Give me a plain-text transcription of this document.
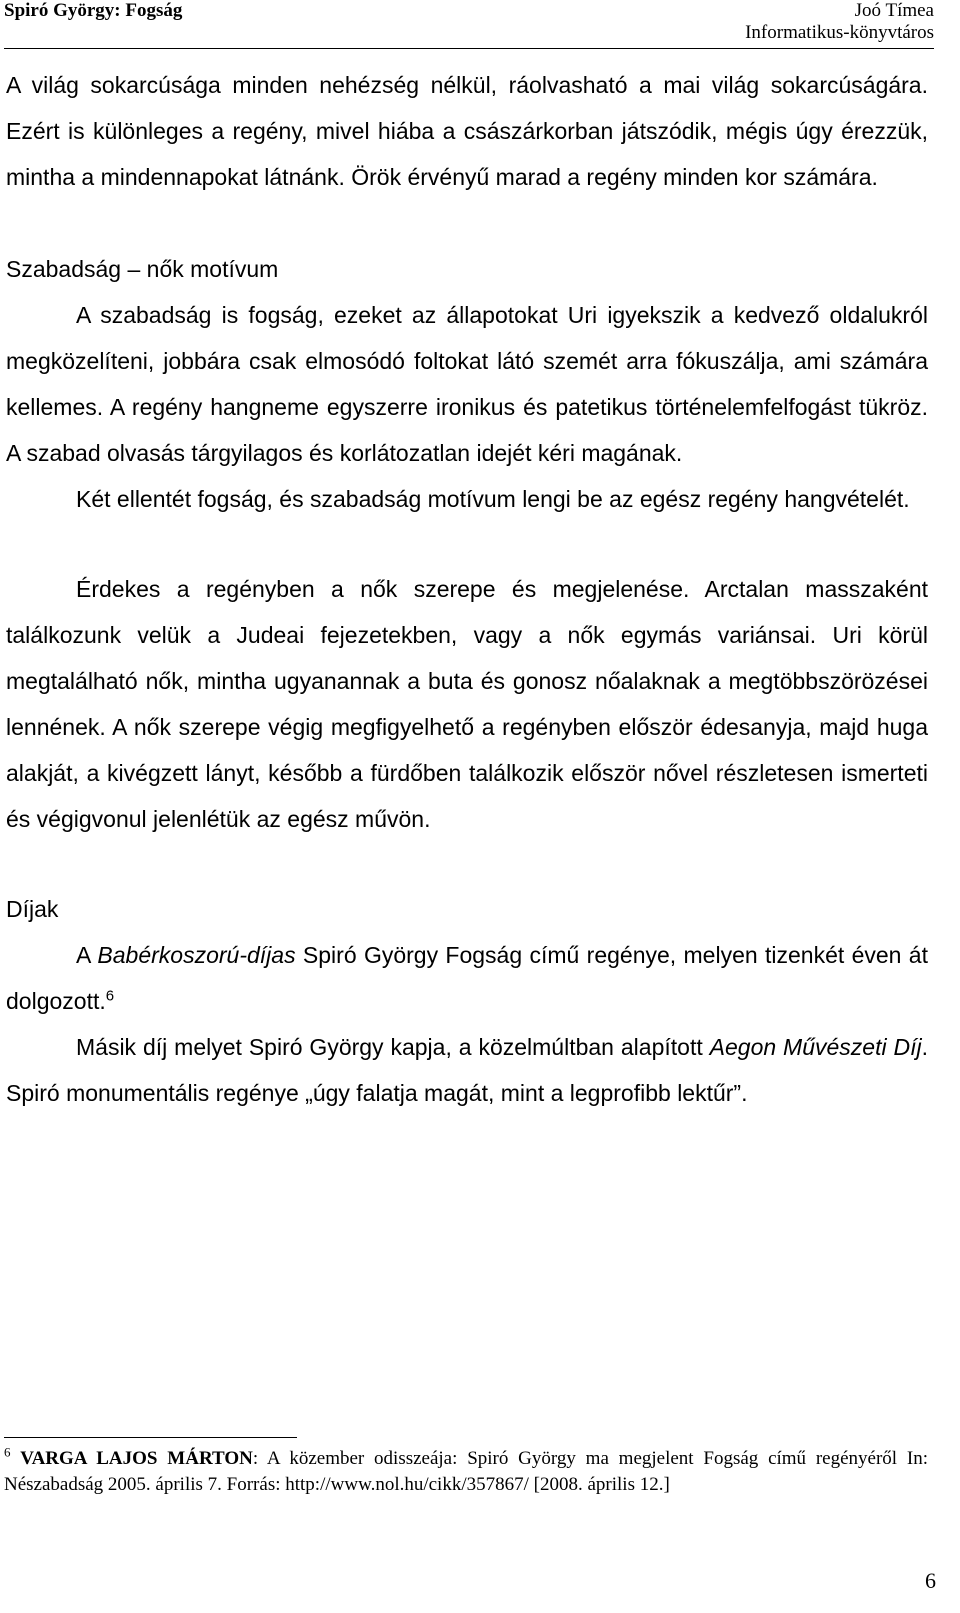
Spiró György: Fogság	Joó Tímea
Informatikus-könyvtáros

A világ sokarcúsága minden nehézség nélkül, ráolvasható a mai világ sokarcúságára. Ezért is különleges a regény, mivel hiába a császárkorban játszódik, mégis úgy érezzük, mintha a mindennapokat látnánk. Örök érvényű marad a regény minden kor számára.

Szabadság – nők motívum

A szabadság is fogság, ezeket az állapotokat Uri igyekszik a kedvező oldalukról megközelíteni, jobbára csak elmosódó foltokat látó szemét arra fókuszálja, ami számára kellemes. A regény hangneme egyszerre ironikus és patetikus történelemfelfogást tükröz. A szabad olvasás tárgyilagos és korlátozatlan idejét kéri magának.

Két ellentét fogság, és szabadság motívum lengi be az egész regény hangvételét.

Érdekes a regényben a nők szerepe és megjelenése. Arctalan masszaként találkozunk velük a Judeai fejezetekben, vagy a nők egymás variánsai. Uri körül megtalálható nők, mintha ugyanannak a buta és gonosz nőalaknak a megtöbbszörözései lennének. A nők szerepe végig megfigyelhető a regényben először édesanyja, majd huga alakját, a kivégzett lányt, később a fürdőben találkozik először nővel részletesen ismerteti és végigvonul jelenlétük az egész művön.

Díjak

A Babérkoszorú-díjas Spiró György Fogság című regénye, melyen tizenkét éven át dolgozott.$^6$

Másik díj melyet Spiró György kapja, a közelmúltban alapított Aegon Művészeti Díj. Spiró monumentális regénye „úgy falatja magát, mint a legprofibb lektűr”.

$^6$ VARGA LAJOS MÁRTON: A közember odisszeája: Spiró György ma megjelent Fogság című regényéről In: Nészabadság 2005. április 7. Forrás: http://www.nol.hu/cikk/357867/ [2008. április 12.]
6
